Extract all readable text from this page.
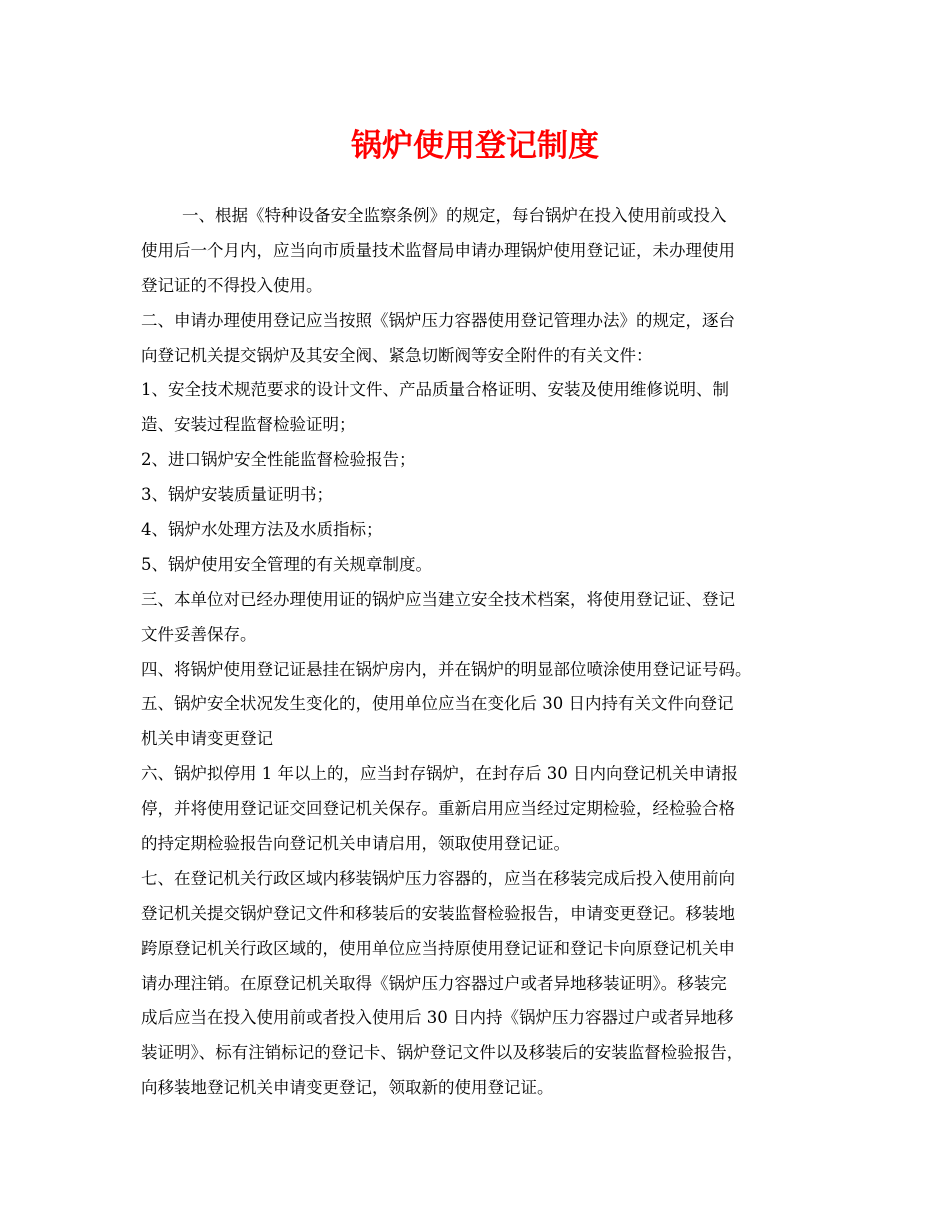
锅炉使用登记制度
一、根据《特种设备安全监察条例》的规定，每台锅炉在投入使用前或投入
使用后一个月内，应当向市质量技术监督局申请办理锅炉使用登记证，未办理使用
登记证的不得投入使用。
二、申请办理使用登记应当按照《锅炉压力容器使用登记管理办法》的规定，逐台
向登记机关提交锅炉及其安全阀、紧急切断阀等安全附件的有关文件：
1、安全技术规范要求的设计文件、产品质量合格证明、安装及使用维修说明、制
造、安装过程监督检验证明；
2、进口锅炉安全性能监督检验报告；
3、锅炉安装质量证明书；
4、锅炉水处理方法及水质指标；
5、锅炉使用安全管理的有关规章制度。
三、本单位对已经办理使用证的锅炉应当建立安全技术档案，将使用登记证、登记
文件妥善保存。
四、将锅炉使用登记证悬挂在锅炉房内，并在锅炉的明显部位喷涂使用登记证号码。
五、锅炉安全状况发生变化的，使用单位应当在变化后 30 日内持有关文件向登记
机关申请变更登记
六、锅炉拟停用 1 年以上的，应当封存锅炉，在封存后 30 日内向登记机关申请报
停，并将使用登记证交回登记机关保存。重新启用应当经过定期检验，经检验合格
的持定期检验报告向登记机关申请启用，领取使用登记证。
七、在登记机关行政区域内移装锅炉压力容器的，应当在移装完成后投入使用前向
登记机关提交锅炉登记文件和移装后的安装监督检验报告，申请变更登记。移装地
跨原登记机关行政区域的，使用单位应当持原使用登记证和登记卡向原登记机关申
请办理注销。在原登记机关取得《锅炉压力容器过户或者异地移装证明》。移装完
成后应当在投入使用前或者投入使用后 30 日内持《锅炉压力容器过户或者异地移
装证明》、标有注销标记的登记卡、锅炉登记文件以及移装后的安装监督检验报告，
向移装地登记机关申请变更登记，领取新的使用登记证。
